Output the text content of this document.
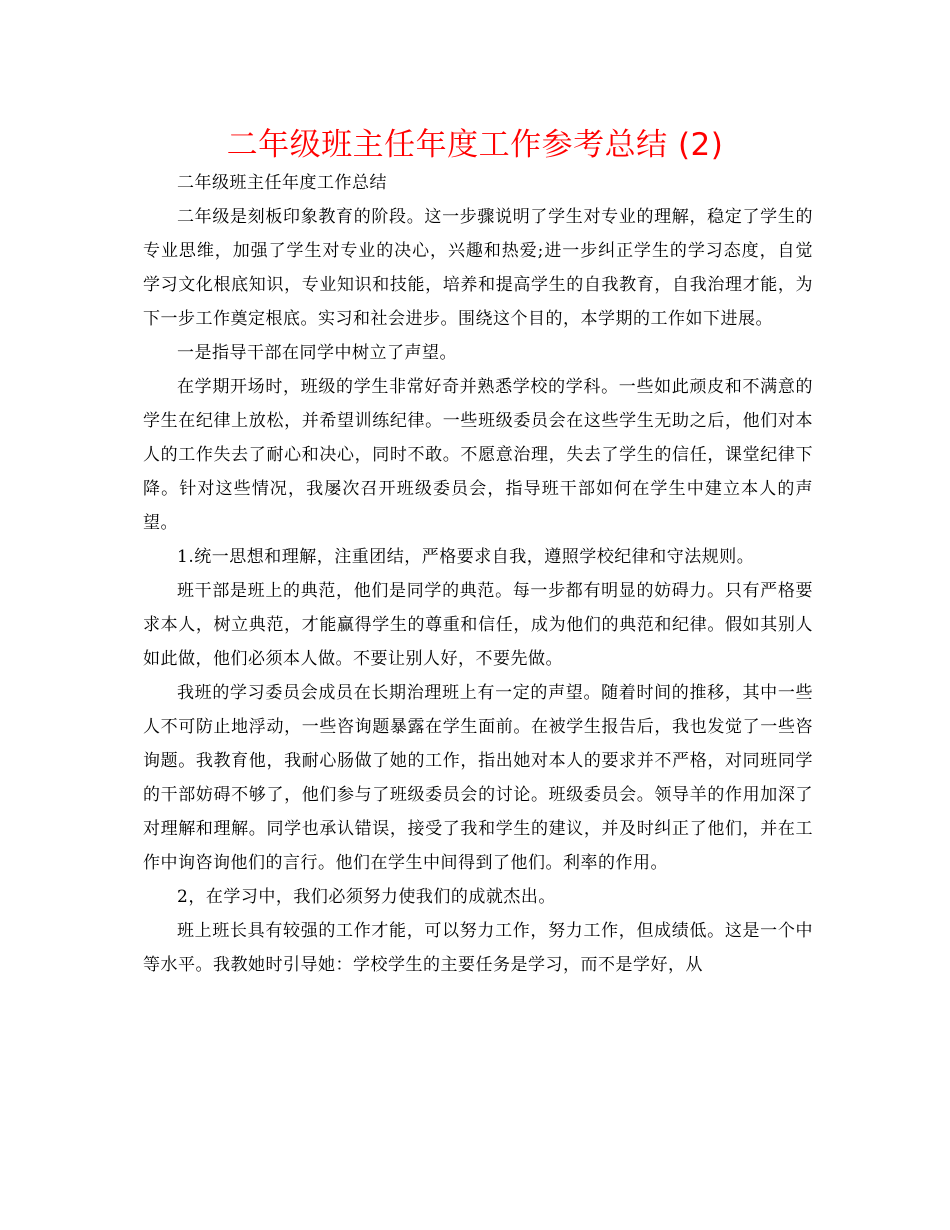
二年级班主任年度工作参考总结 (2)

二年级班主任年度工作总结

二年级是刻板印象教育的阶段。这一步骤说明了学生对专业的理解，稳定了学生的专业思维，加强了学生对专业的决心，兴趣和热爱;进一步纠正学生的学习态度，自觉学习文化根底知识，专业知识和技能，培养和提高学生的自我教育，自我治理才能，为下一步工作奠定根底。实习和社会进步。围绕这个目的，本学期的工作如下进展。

一是指导干部在同学中树立了声望。

在学期开场时，班级的学生非常好奇并熟悉学校的学科。一些如此顽皮和不满意的学生在纪律上放松，并希望训练纪律。一些班级委员会在这些学生无助之后，他们对本人的工作失去了耐心和决心，同时不敢。不愿意治理，失去了学生的信任，课堂纪律下降。针对这些情况，我屡次召开班级委员会，指导班干部如何在学生中建立本人的声望。

1.统一思想和理解，注重团结，严格要求自我，遵照学校纪律和守法规则。

班干部是班上的典范，他们是同学的典范。每一步都有明显的妨碍力。只有严格要求本人，树立典范，才能赢得学生的尊重和信任，成为他们的典范和纪律。假如其别人如此做，他们必须本人做。不要让别人好，不要先做。

我班的学习委员会成员在长期治理班上有一定的声望。随着时间的推移，其中一些人不可防止地浮动，一些咨询题暴露在学生面前。在被学生报告后，我也发觉了一些咨询题。我教育他，我耐心肠做了她的工作，指出她对本人的要求并不严格，对同班同学的干部妨碍不够了，他们参与了班级委员会的讨论。班级委员会。领导羊的作用加深了对理解和理解。同学也承认错误，接受了我和学生的建议，并及时纠正了他们，并在工作中询咨询他们的言行。他们在学生中间得到了他们。利率的作用。

2，在学习中，我们必须努力使我们的成就杰出。

班上班长具有较强的工作才能，可以努力工作，努力工作，但成绩低。这是一个中等水平。我教她时引导她：学校学生的主要任务是学习，而不是学好，从
